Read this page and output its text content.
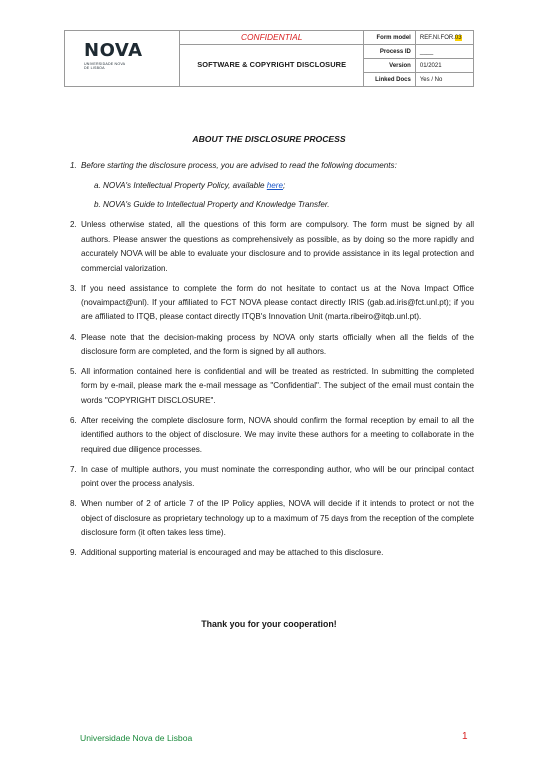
NOVA
UNIVERSIDADE NOVA
DE LISBOA	CONFIDENTIAL	Form model	REF.NI.FOR.03
	SOFTWARE & COPYRIGHT DISCLOSURE	Process ID	____
		Version	01/2021
		Linked Docs	Yes / No
ABOUT THE DISCLOSURE PROCESS
1. Before starting the disclosure process, you are advised to read the following documents:
a. NOVA's Intellectual Property Policy, available here;
b. NOVA's Guide to Intellectual Property and Knowledge Transfer.
2. Unless otherwise stated, all the questions of this form are compulsory. The form must be signed by all authors. Please answer the questions as comprehensively as possible, as by doing so the more rapidly and accurately NOVA will be able to evaluate your disclosure and to provide assistance in its legal protection and commercial valorization.
3. If you need assistance to complete the form do not hesitate to contact us at the Nova Impact Office (novaimpact@unl). If your affiliated to FCT NOVA please contact directly IRIS (gab.ad.iris@fct.unl.pt); if you are affiliated to ITQB, please contact directly ITQB's Innovation Unit (marta.ribeiro@itqb.unl.pt).
4. Please note that the decision-making process by NOVA only starts officially when all the fields of the disclosure form are completed, and the form is signed by all authors.
5. All information contained here is confidential and will be treated as restricted. In submitting the completed form by e-mail, please mark the e-mail message as "Confidential". The subject of the email must contain the words "COPYRIGHT DISCLOSURE".
6. After receiving the complete disclosure form, NOVA should confirm the formal reception by email to all the identified authors to the object of disclosure. We may invite these authors for a meeting to collaborate in the required due diligence processes.
7. In case of multiple authors, you must nominate the corresponding author, who will be our principal contact point over the process analysis.
8. When number of 2 of article 7 of the IP Policy applies, NOVA will decide if it intends to protect or not the object of disclosure as proprietary technology up to a maximum of 75 days from the reception of the complete disclosure form (it often takes less time).
9. Additional supporting material is encouraged and may be attached to this disclosure.
Thank you for your cooperation!
Universidade Nova de Lisboa	1
